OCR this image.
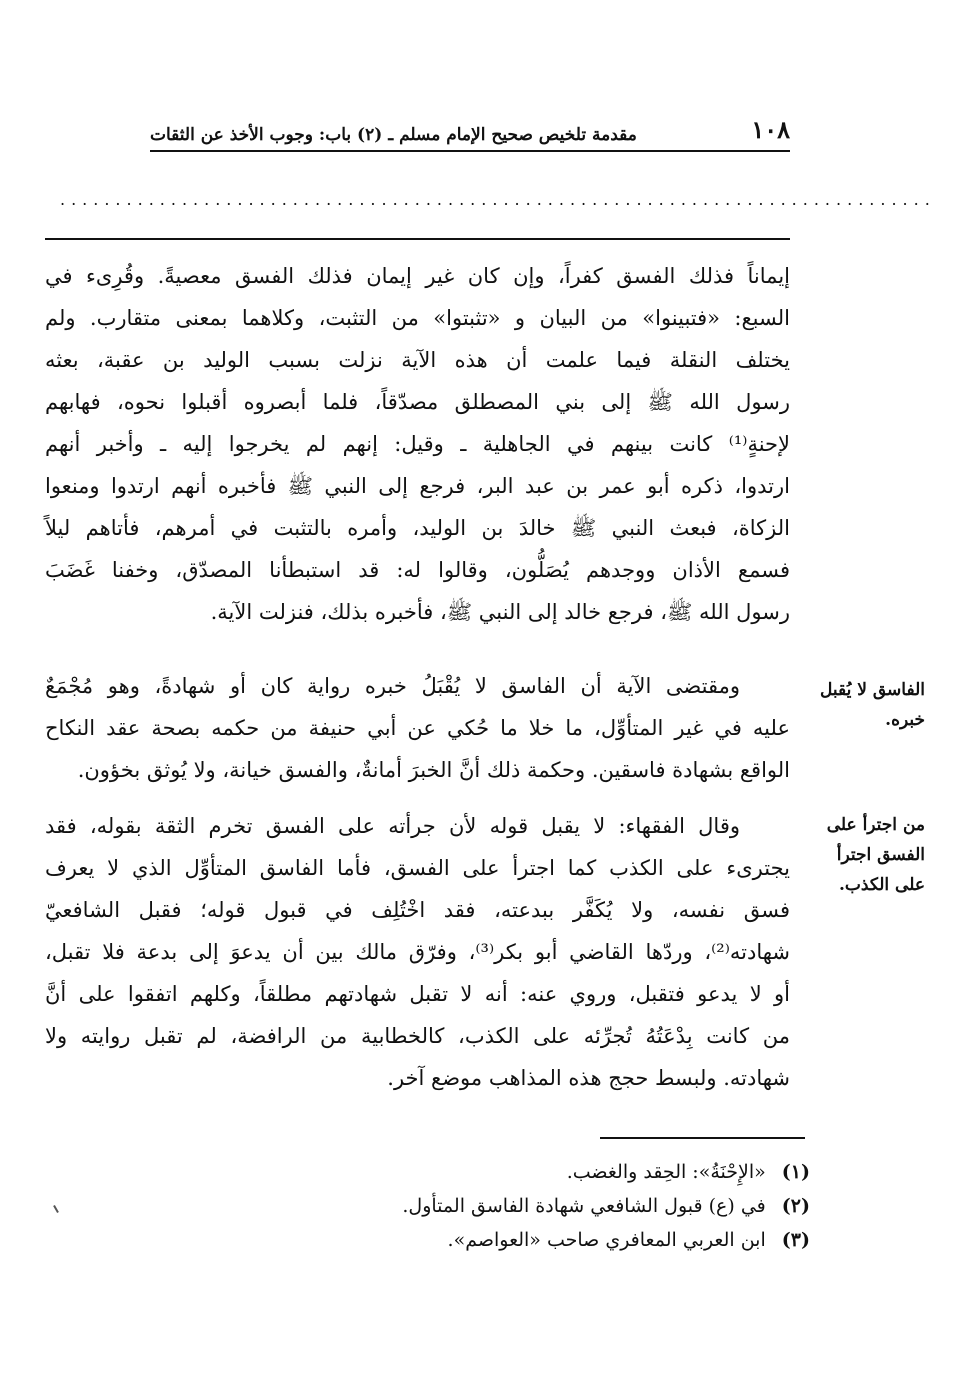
١٠٨
مقدمة تلخيص صحيح الإمام مسلم ـ (٢) باب: وجوب الأخذ عن الثقات
...............................................................................
إيماناً فذلك الفسق كفراً، وإن كان غير إيمان فذلك الفسق معصيةً. وقُرِىء في
السبع: «فتبينوا» من البيان و «تثبتوا» من التثبت، وكلاهما بمعنى متقارب. ولم
يختلف النقلة فيما علمت أن هذه الآية نزلت بسبب الوليد بن عقبة، بعثه
رسول الله ﷺ إلى بني المصطلق مصدّقاً، فلما أبصروه أقبلوا نحوه، فهابهم
لإحنةٍ⁽¹⁾ كانت بينهم في الجاهلية ـ وقيل: إنهم لم يخرجوا إليه ـ وأخبر أنهم
ارتدوا، ذكره أبو عمر بن عبد البر، فرجع إلى النبي ﷺ فأخبره أنهم ارتدوا ومنعوا
الزكاة، فبعث النبي ﷺ خالدَ بن الوليد، وأمره بالتثبت في أمرهم، فأتاهم ليلاً
فسمع الأذان ووجدهم يُصَلُّون، وقالوا له: قد استبطأنا المصدّق، وخفنا غَضَبَ
رسول الله ﷺ، فرجع خالد إلى النبي ﷺ، فأخبره بذلك، فنزلت الآية.
الفاسق لا يُقبل
خبره.
ومقتضى الآية أن الفاسق لا يُقْبَلُ خبره رواية كان أو شهادةً، وهو مُجْمَعٌ
عليه في غير المتأوِّل، ما خلا ما حُكي عن أبي حنيفة من حكمه بصحة عقد النكاح
الواقع بشهادة فاسقين. وحكمة ذلك أنَّ الخبرَ أمانةٌ، والفسق خيانة، ولا يُوثق بخؤون.
من اجترأ على
الفسق اجترأ
على الكذب.
وقال الفقهاء: لا يقبل قوله لأن جرأته على الفسق تخرم الثقة بقوله، فقد
يجترىء على الكذب كما اجترأ على الفسق، فأما الفاسق المتأوِّل الذي لا يعرف
فسق نفسه، ولا يُكَفَّر ببدعته، فقد اخْتُلِف في قبول قوله؛ فقبل الشافعيّ
شهادته⁽²⁾، وردّها القاضي أبو بكر⁽³⁾، وفرّق مالك بين أن يدعوَ إلى بدعة فلا تقبل،
أو لا يدعو فتقبل، وروي عنه: أنه لا تقبل شهادتهم مطلقاً، وكلهم اتفقوا على أنَّ
من كانت بِدْعَتُهُ تُجرِّئه على الكذب، كالخطابية من الرافضة، لم تقبل روايته ولا
شهادته. ولبسط حجج هذه المذاهب موضع آخر.
(١) «الإِحْنَةُ»: الحِقد والغضب.
(٢) في (ع) قبول الشافعي شهادة الفاسق المتأول.
(٣) ابن العربي المعافري صاحب «العواصم».
